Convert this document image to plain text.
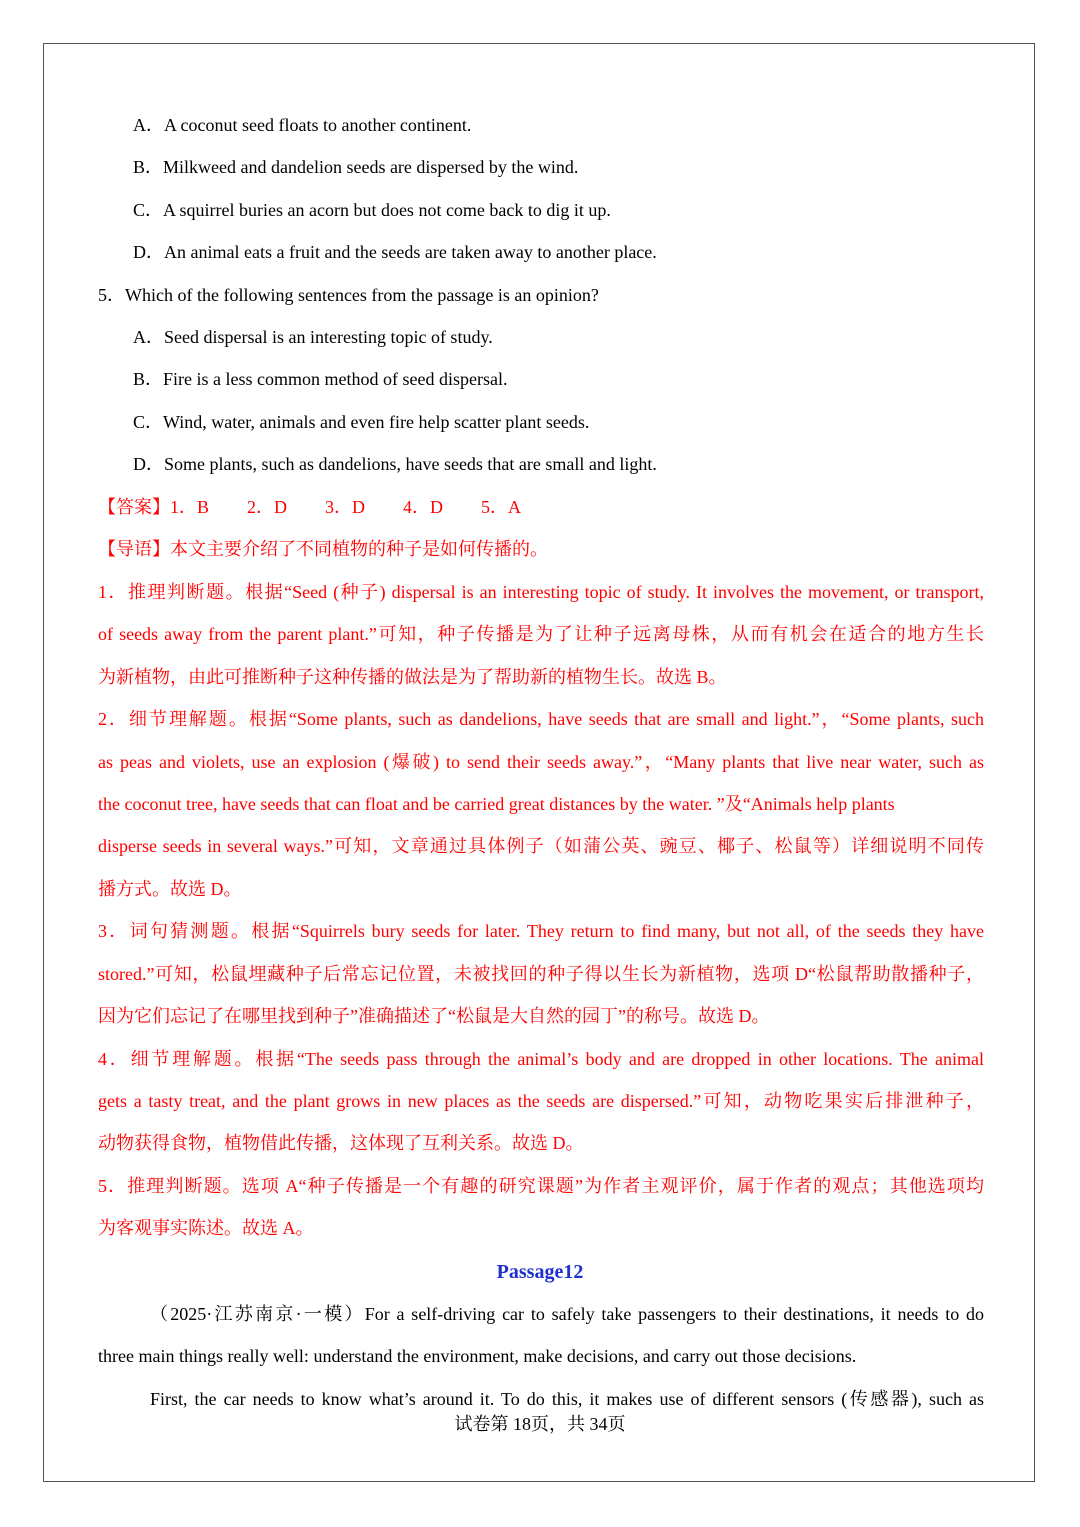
A．A coconut seed floats to another continent.
B．Milkweed and dandelion seeds are dispersed by the wind.
C．A squirrel buries an acorn but does not come back to dig it up.
D．An animal eats a fruit and the seeds are taken away to another place.
5．Which of the following sentences from the passage is an opinion?
A．Seed dispersal is an interesting topic of study.
B．Fire is a less common method of seed dispersal.
C．Wind, water, animals and even fire help scatter plant seeds.
D．Some plants, such as dandelions, have seeds that are small and light.
【答案】1．B 2．D 3．D 4．D 5．A
【导语】本文主要介绍了不同植物的种子是如何传播的。
1．推理判断题。根据“Seed (种子) dispersal is an interesting topic of study. It involves the movement, or transport,
of seeds away from the parent plant.”可知，种子传播是为了让种子远离母株，从而有机会在适合的地方生长
为新植物，由此可推断种子这种传播的做法是为了帮助新的植物生长。故选 B。
2．细节理解题。根据“Some plants, such as dandelions, have seeds that are small and light.”，“Some plants, such
as peas and violets, use an explosion (爆破) to send their seeds away.”，“Many plants that live near water, such as
the coconut tree, have seeds that can float and be carried great distances by the water. ”及“Animals help plants
disperse seeds in several ways.”可知，文章通过具体例子（如蒲公英、豌豆、椰子、松鼠等）详细说明不同传
播方式。故选 D。
3．词句猜测题。根据“Squirrels bury seeds for later. They return to find many, but not all, of the seeds they have
stored.”可知，松鼠埋藏种子后常忘记位置，未被找回的种子得以生长为新植物，选项 D“松鼠帮助散播种子，
因为它们忘记了在哪里找到种子”准确描述了“松鼠是大自然的园丁”的称号。故选 D。
4．细节理解题。根据“The seeds pass through the animal’s body and are dropped in other locations. The animal
gets a tasty treat, and the plant grows in new places as the seeds are dispersed.”可知，动物吃果实后排泄种子，
动物获得食物，植物借此传播，这体现了互利关系。故选 D。
5．推理判断题。选项 A“种子传播是一个有趣的研究课题”为作者主观评价，属于作者的观点；其他选项均
为客观事实陈述。故选 A。
Passage12
（2025·江苏南京·一模）For a self-driving car to safely take passengers to their destinations, it needs to do
three main things really well: understand the environment, make decisions, and carry out those decisions.
First, the car needs to know what’s around it. To do this, it makes use of different sensors (传感器), such as
试卷第 18页，共 34页
